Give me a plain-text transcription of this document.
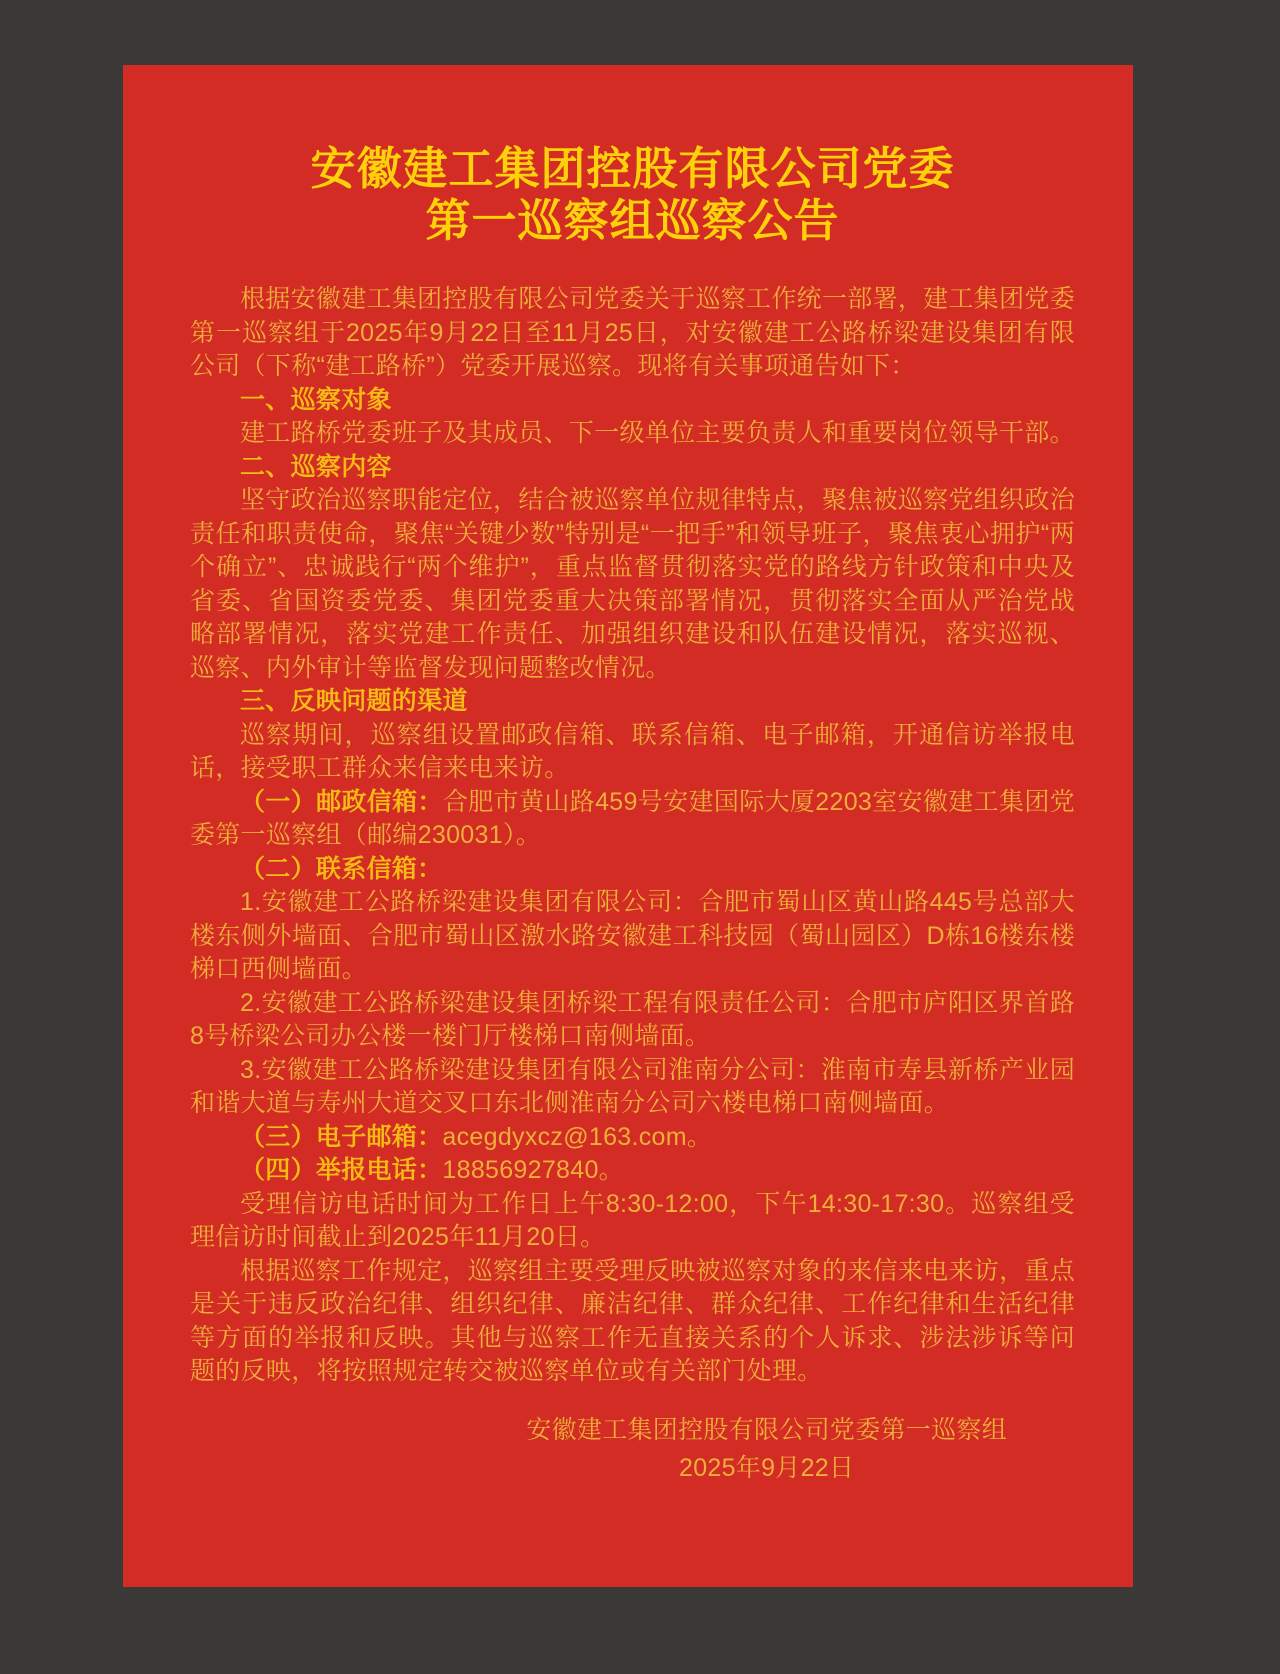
安徽建工集团控股有限公司党委
第一巡察组巡察公告

根据安徽建工集团控股有限公司党委关于巡察工作统一部署，建工集团党委第一巡察组于2025年9月22日至11月25日，对安徽建工公路桥梁建设集团有限公司（下称“建工路桥”）党委开展巡察。现将有关事项通告如下：

一、巡察对象

建工路桥党委班子及其成员、下一级单位主要负责人和重要岗位领导干部。

二、巡察内容

坚守政治巡察职能定位，结合被巡察单位规律特点，聚焦被巡察党组织政治责任和职责使命，聚焦“关键少数”特别是“一把手”和领导班子，聚焦衷心拥护“两个确立”、忠诚践行“两个维护”，重点监督贯彻落实党的路线方针政策和中央及省委、省国资委党委、集团党委重大决策部署情况，贯彻落实全面从严治党战略部署情况，落实党建工作责任、加强组织建设和队伍建设情况，落实巡视、巡察、内外审计等监督发现问题整改情况。

三、反映问题的渠道

巡察期间，巡察组设置邮政信箱、联系信箱、电子邮箱，开通信访举报电话，接受职工群众来信来电来访。

（一）邮政信箱：合肥市黄山路459号安建国际大厦2203室安徽建工集团党委第一巡察组（邮编230031）。

（二）联系信箱：

1.安徽建工公路桥梁建设集团有限公司：合肥市蜀山区黄山路445号总部大楼东侧外墙面、合肥市蜀山区激水路安徽建工科技园（蜀山园区）D栋16楼东楼梯口西侧墙面。

2.安徽建工公路桥梁建设集团桥梁工程有限责任公司：合肥市庐阳区界首路8号桥梁公司办公楼一楼门厅楼梯口南侧墙面。

3.安徽建工公路桥梁建设集团有限公司淮南分公司：淮南市寿县新桥产业园和谐大道与寿州大道交叉口东北侧淮南分公司六楼电梯口南侧墙面。

（三）电子邮箱：acegdyxcz@163.com。

（四）举报电话：18856927840。

受理信访电话时间为工作日上午8:30-12:00，下午14:30-17:30。巡察组受理信访时间截止到2025年11月20日。

根据巡察工作规定，巡察组主要受理反映被巡察对象的来信来电来访，重点是关于违反政治纪律、组织纪律、廉洁纪律、群众纪律、工作纪律和生活纪律等方面的举报和反映。其他与巡察工作无直接关系的个人诉求、涉法涉诉等问题的反映，将按照规定转交被巡察单位或有关部门处理。

安徽建工集团控股有限公司党委第一巡察组
2025年9月22日
